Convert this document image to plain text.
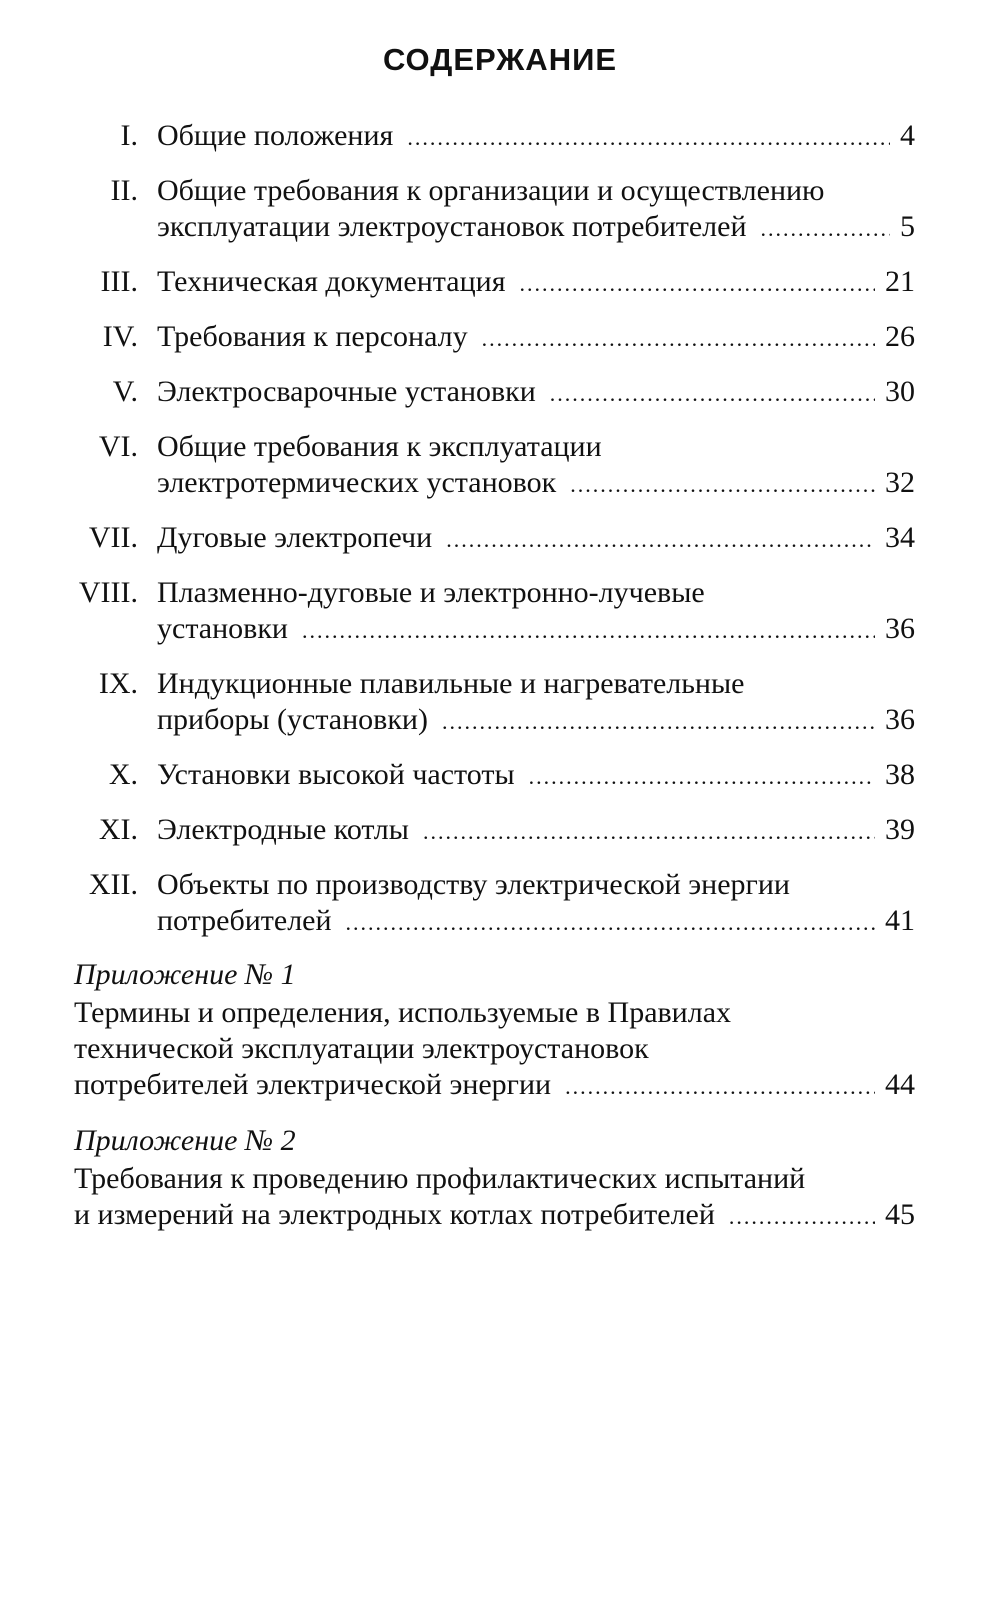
СОДЕРЖАНИЕ
I. Общие положения .....	4
II. Общие требования к организации и осуществлению
эксплуатации электроустановок потребителей .....	5
III. Техническая документация .....	21
IV. Требования к персоналу .....	26
V. Электросварочные установки .....	30
VI. Общие требования к эксплуатации
электротермических установок .....	32
VII. Дуговые электропечи .....	34
VIII. Плазменно-дуговые и электронно-лучевые
установки .....	36
IX. Индукционные плавильные и нагревательные
приборы (установки) .....	36
X. Установки высокой частоты .....	38
XI. Электродные котлы .....	39
XII. Объекты по производству электрической энергии
потребителей .....	41
Приложение № 1
Термины и определения, используемые в Правилах
технической эксплуатации электроустановок
потребителей электрической энергии .....	44
Приложение № 2
Требования к проведению профилактических испытаний
и измерений на электродных котлах потребителей .....	45
